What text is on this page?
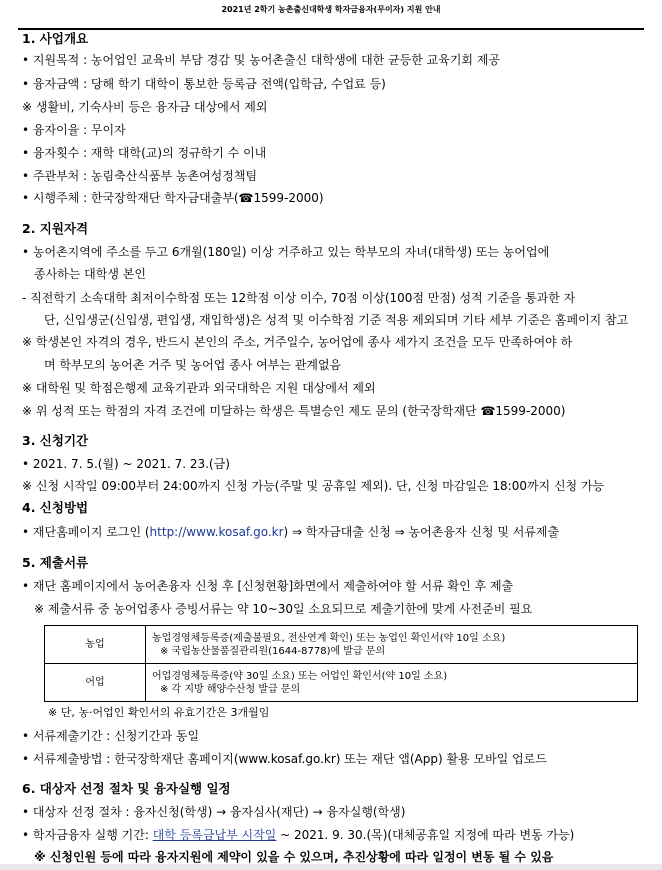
2021년 2학기 농촌출신대학생 학자금융자(무이자) 지원 안내
1. 사업개요
• 지원목적 : 농어업인 교육비 부담 경감 및 농어촌출신 대학생에 대한 균등한 교육기회 제공
• 융자금액 : 당해 학기 대학이 통보한 등록금 전액(입학금, 수업료 등)
※ 생활비, 기숙사비 등은 융자금 대상에서 제외
• 융자이율 : 무이자
• 융자횟수 : 재학 대학(교)의 정규학기 수 이내
• 주관부처 : 농림축산식품부 농촌여성정책팀
• 시행주체 : 한국장학재단 학자금대출부(☎1599-2000)
2. 지원자격
• 농어촌지역에 주소를 두고 6개월(180일) 이상 거주하고 있는 학부모의 자녀(대학생) 또는 농어업에
종사하는 대학생 본인
- 직전학기 소속대학 최저이수학점 또는 12학점 이상 이수, 70점 이상(100점 만점) 성적 기준을 통과한 자
단, 신입생군(신입생, 편입생, 재입학생)은 성적 및 이수학점 기준 적용 제외되며 기타 세부 기준은 홈페이지 참고
※ 학생본인 자격의 경우, 반드시 본인의 주소, 거주일수, 농어업에 종사 세가지 조건을 모두 만족하여야 하
며 학부모의 농어촌 거주 및 농어업 종사 여부는 관계없음
※ 대학원 및 학점은행제 교육기관과 외국대학은 지원 대상에서 제외
※ 위 성적 또는 학점의 자격 조건에 미달하는 학생은 특별승인 제도 문의 (한국장학재단 ☎1599-2000)
3. 신청기간
• 2021. 7. 5.(월) ~ 2021. 7. 23.(금)
※ 신청 시작일 09:00부터 24:00까지 신청 가능(주말 및 공휴일 제외). 단, 신청 마감일은 18:00까지 신청 가능
4. 신청방법
• 재단홈페이지 로그인 (http://www.kosaf.go.kr) ⇒ 학자금대출 신청 ⇒ 농어촌융자 신청 및 서류제출
5. 제출서류
• 재단 홈페이지에서 농어촌융자 신청 후 [신청현황]화면에서 제출하여야 할 서류 확인 후 제출
※ 제출서류 중 농어업종사 증빙서류는 약 10~30일 소요되므로 제출기한에 맞게 사전준비 필요
농업	농업경영체등록증(제출불필요, 전산연계 확인) 또는 농업인 확인서(약 10일 소요)
※ 국립농산물품질관리원(1644-8778)에 발급 문의

어업	어업경영체등록증(약 30일 소요) 또는 어업인 확인서(약 10일 소요)
※ 각 지방 해양수산청 발급 문의
※ 단, 농·어업인 확인서의 유효기간은 3개월임
• 서류제출기간 : 신청기간과 동일
• 서류제출방법 : 한국장학재단 홈페이지(www.kosaf.go.kr) 또는 재단 앱(App) 활용 모바일 업로드
6. 대상자 선정 절차 및 융자실행 일정
• 대상자 선정 절차 : 융자신청(학생) → 융자심사(재단) → 융자실행(학생)
• 학자금융자 실행 기간: 대학 등록금납부 시작일 ~ 2021. 9. 30.(목)(대체공휴일 지정에 따라 변동 가능)
※ 신청인원 등에 따라 융자지원에 제약이 있을 수 있으며, 추진상황에 따라 일정이 변동 될 수 있음
